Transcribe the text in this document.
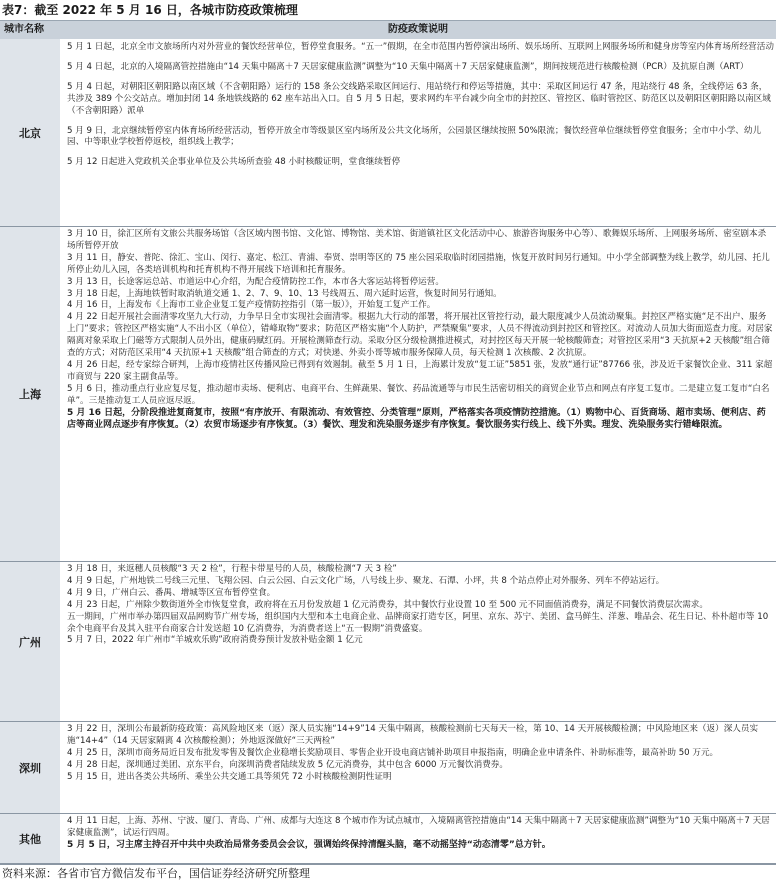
表7：截至 2022 年 5 月 16 日，各城市防疫政策梳理
城市名称	防疫政策说明
北京

5 月 1 日起，北京全市文旅场所内对外营业的餐饮经营单位，暂停堂食服务。“五一”假期，在全市范围内暂停演出场所、娱乐场所、互联网上网服务场所和健身房等室内体育场所经营活动

5 月 4 日起，北京的入境隔离管控措施由“14 天集中隔离＋7 天居家健康监测”调整为“10 天集中隔离＋7 天居家健康监测”，期间按规范进行核酸检测（PCR）及抗原自测（ART）

5 月 4 日起，对朝阳区朝阳路以南区域（不含朝阳路）运行的 158 条公交线路采取区间运行、甩站绕行和停运等措施，其中：采取区间运行 47 条，甩站绕行 48 条，全线停运 63 条，共涉及 389 个公交站点。增加封闭 14 条地铁线路的 62 座车站出入口。自 5 月 5 日起，要求网约车平台减少向全市的封控区、管控区、临时管控区、防范区以及朝阳区朝阳路以南区域（不含朝阳路）派单

5 月 9 日，北京继续暂停室内体育场所经营活动，暂停开放全市等级景区室内场所及公共文化场所，公园景区继续按照 50%限流；餐饮经营单位继续暂停堂食服务；全市中小学、幼儿园、中等职业学校暂停返校，组织线上教学；

5 月 12 日起进入党政机关企事业单位及公共场所查验 48 小时核酸证明，堂食继续暂停

上海

3 月 10 日，徐汇区所有文旅公共服务场馆（含区域内图书馆、文化馆、博物馆、美术馆、街道镇社区文化活动中心、旅游咨询服务中心等）、歌舞娱乐场所、上网服务场所、密室剧本杀场所暂停开放

3 月 11 日，静安、普陀、徐汇、宝山、闵行、嘉定、松江、青浦、奉贤、崇明等区的 75 座公园采取临时闭园措施，恢复开放时间另行通知。中小学全部调整为线上教学，幼儿园、托儿所停止幼儿入园，各类培训机构和托育机构不得开展线下培训和托育服务。

3 月 13 日，长途客运总站、市道运中心介绍，为配合疫情防控工作，本市各大客运站将暂停运营。

3 月 18 日起，上海地铁暂时取消轨道交通 1、2、7、9、10、13 号线周五、周六延时运营，恢复时间另行通知。

4 月 16 日，上海发布《上海市工业企业复工复产疫情防控指引（第一版）》，开始复工复产工作。

4 月 22 日起开展社会面清零攻坚九大行动，力争早日全市实现社会面清零。根据九大行动的部署，将开展社区管控行动，最大限度减少人员流动聚集。封控区严格实施“足不出户、服务上门”要求；管控区严格实施“人不出小区（单位），错峰取物”要求；防范区严格实施“个人防护，严禁聚集”要求，人员不得流动到封控区和管控区。对流动人员加大街面巡查力度。对居家隔离对象采取上门磁等方式限制人员外出，健康码赋红码。开展检测筛查行动。采取分区分级检测推进模式，对封控区每天开展一轮核酸筛查；对管控区采用“3 天抗原+2 天核酸”组合筛查的方式；对防范区采用“4 天抗原+1 天核酸”组合筛查的方式；对快递、外卖小哥等城市服务保障人员，每天检测 1 次核酸、2 次抗原。

4 月 26 日起，经专家综合研判，上海市疫情社区传播风险已得到有效遏制。截至 5 月 1 日，上海累计发放“复工证”5851 张，发放“通行证”87766 张，涉及近千家餐饮企业、311 家超市商贸与 220 家主副食品等。

5 月 6 日，推动重点行业应复尽复，推动超市卖场、便利店、电商平台、生鲜蔬果、餐饮、药品流通等与市民生活密切相关的商贸企业节点和网点有序复工复市。二是建立复工复市“白名单”。三是推动复工人员应返尽返。

5 月 16 日起，分阶段推进复商复市，按照“有序放开、有限流动、有效管控、分类管理”原则，严格落实各项疫情防控措施。（1）购物中心、百货商场、超市卖场、便利店、药店等商业网点逐步有序恢复。（2）农贸市场逐步有序恢复。（3）餐饮、理发和洗染服务逐步有序恢复。餐饮服务实行线上、线下外卖。理发、洗染服务实行错峰限流。

广州

3 月 18 日，来返穗人员核酸“3 天 2 检”，行程卡带星号的人员，核酸检测“7 天 3 检”

4 月 9 日起，广州地铁二号线三元里、飞翔公园、白云公园、白云文化广场，八号线上步、聚龙、石潭、小坪，共 8 个站点停止对外服务、列车不停站运行。

4 月 9 日，广州白云、番禺、增城等区宣布暂停堂食。

4 月 23 日起，广州除少数街道外全市恢复堂食，政府将在五月份发放超 1 亿元消费券，其中餐饮行业设置 10 至 500 元不同面值消费券，满足不同餐饮消费层次需求。

五一期间，广州市举办第四届双品网购节广州专场，组织国内大型和本土电商企业、品牌商家打造专区，阿里、京东、苏宁、美团、盒马鲜生、洋葱、唯品会、花生日记、朴朴超市等 10 余个电商平台及其入驻平台商家合计发送超 10 亿消费券，为消费者送上“五一假期”消费盛宴。

5 月 7 日，2022 年广州市“羊城欢乐购”政府消费券预计发放补贴金额 1 亿元

深圳

3 月 22 日，深圳公布最新防疫政策：高风险地区来（返）深人员实施“14+9”14 天集中隔离，核酸检测前七天每天一检，第 10、14 天开展核酸检测；中风险地区来（返）深人员实施“14+4”（14 天居家隔离 4 次核酸检测）；外地返深做好“三天两检”

4 月 25 日，深圳市商务局近日发布批发零售及餐饮企业稳增长奖励项目、零售企业开设电商店铺补助项目申报指南，明确企业申请条件、补助标准等，最高补助 50 万元。

4 月 28 日起，深圳通过美团、京东平台，向深圳消费者陆续发放 5 亿元消费券，其中包含 6000 万元餐饮消费券。

5 月 15 日，进出各类公共场所、乘坐公共交通工具等须凭 72 小时核酸检测阴性证明

其他

4 月 11 日起，上海、苏州、宁波、厦门、青岛、广州、成都与大连这 8 个城市作为试点城市，入境隔离管控措施由“14 天集中隔离＋7 天居家健康监测”调整为“10 天集中隔离＋7 天居家健康监测”，试运行四周。

5 月 5 日，习主席主持召开中共中央政治局常务委员会会议，强调始终保持清醒头脑，毫不动摇坚持“动态清零”总方针。

资料来源：各省市官方微信发布平台，国信证券经济研究所整理
